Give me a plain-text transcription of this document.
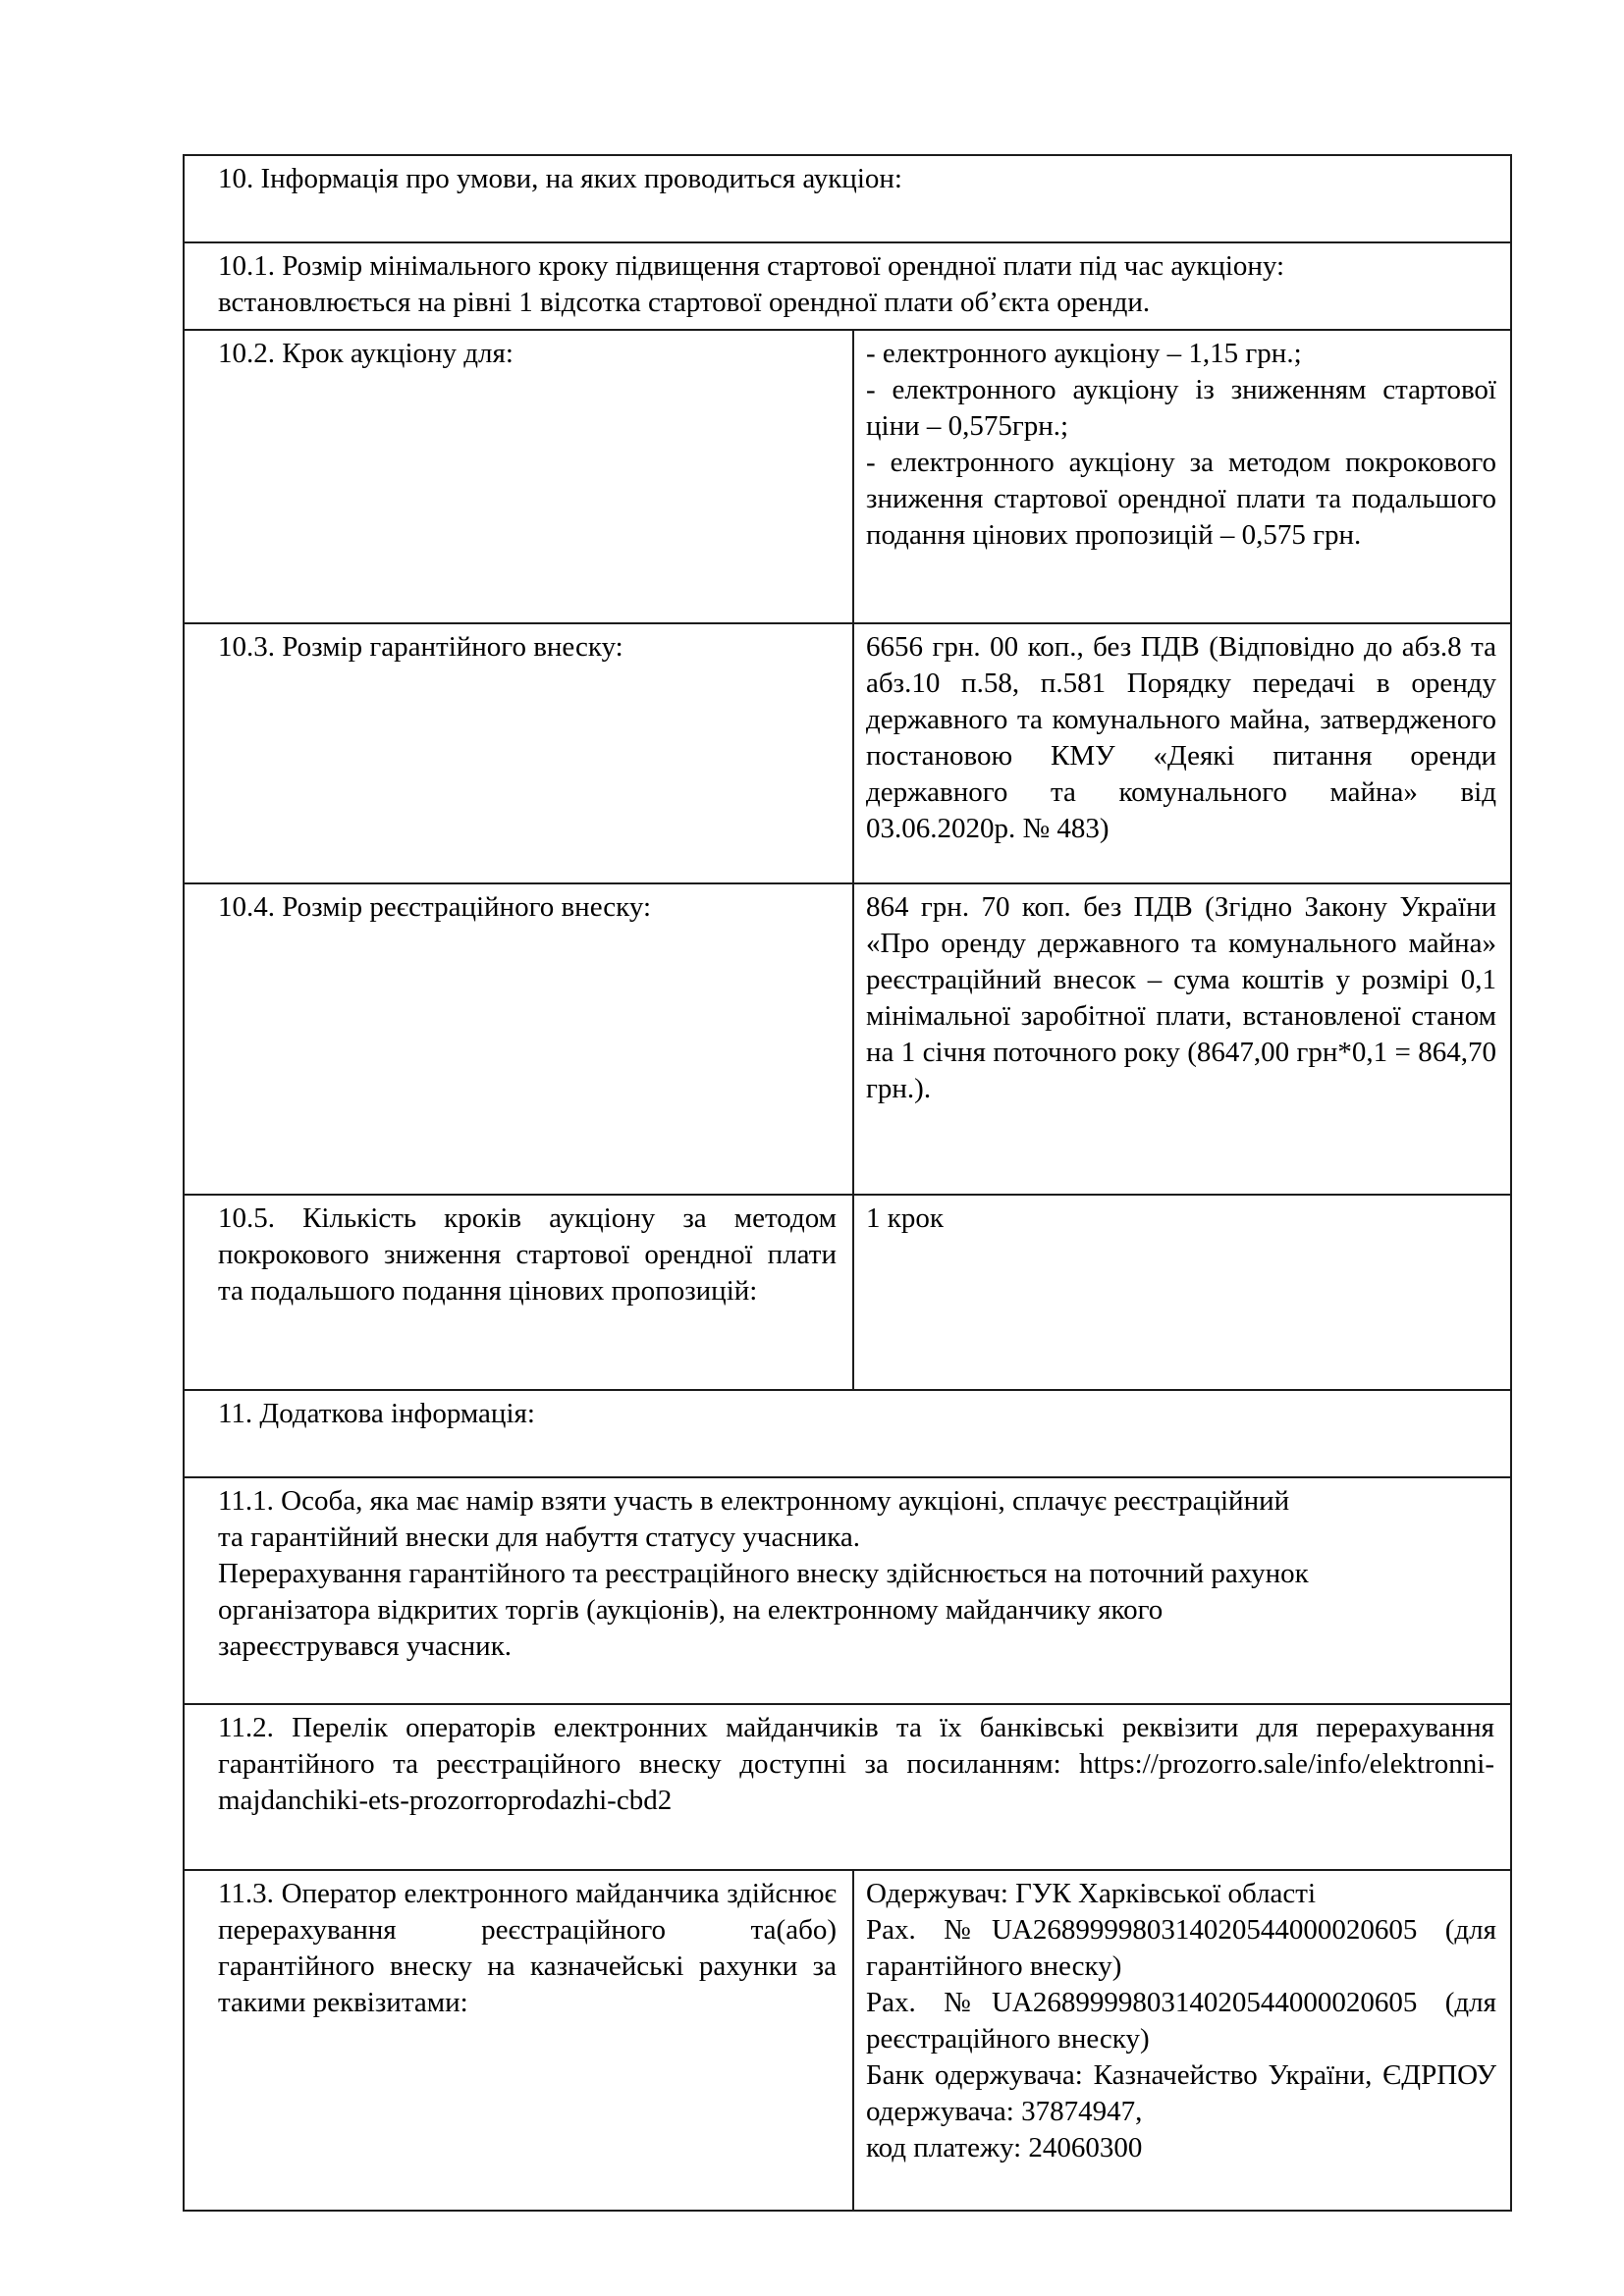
10. Інформація про умови, на яких проводиться аукціон:	

10.1. Розмір мінімального кроку підвищення стартової орендної плати під час аукціону:
встановлюється на рівні 1 відсотка стартової орендної плати об’єкта оренди.	

10.2. Крок аукціону для:	- електронного аукціону – 1,15 грн.;
- електронного аукціону із зниженням стартової ціни – 0,575грн.;
- електронного аукціону за методом покрокового зниження стартової орендної плати та подальшого подання цінових пропозицій – 0,575 грн.

10.3. Розмір гарантійного внеску:	6656 грн. 00 коп., без ПДВ (Відповідно до абз.8 та абз.10 п.58, п.581 Порядку передачі в оренду державного та комунального майна, затвердженого постановою КМУ «Деякі питання оренди державного та комунального майна» від 03.06.2020р. № 483)

10.4. Розмір реєстраційного внеску:	864 грн. 70 коп. без ПДВ (Згідно Закону України «Про оренду державного та комунального майна» реєстраційний внесок – сума коштів у розмірі 0,1 мінімальної заробітної плати, встановленої станом на 1 січня поточного року (8647,00 грн*0,1 = 864,70 грн.).

10.5. Кількість кроків аукціону за методом покрокового зниження стартової орендної плати та подальшого подання цінових пропозицій:	1 крок

11. Додаткова інформація:	

11.1. Особа, яка має намір взяти участь в електронному аукціоні, сплачує реєстраційний
та гарантійний внески для набуття статусу учасника.
Перерахування гарантійного та реєстраційного внеску здійснюється на поточний рахунок
організатора відкритих торгів (аукціонів), на електронному майданчику якого
зареєструвався учасник.	

11.2. Перелік операторів електронних майданчиків та їх банківські реквізити для перерахування гарантійного та реєстраційного внеску доступні за посиланням: https://prozorro.sale/info/elektronni-majdanchiki-ets-prozorroprodazhi-cbd2	

11.3. Оператор електронного майданчика здійснює перерахування реєстраційного та(або) гарантійного внеску на казначейські рахунки за такими реквізитами:	Одержувач: ГУК Харківської області
Рах. №UA268999980314020544000020605 (для гарантійного внеску)
Рах. №UA268999980314020544000020605 (для реєстраційного внеску)
Банк одержувача: Казначейство України, ЄДРПОУ одержувача: 37874947,
код платежу: 24060300
